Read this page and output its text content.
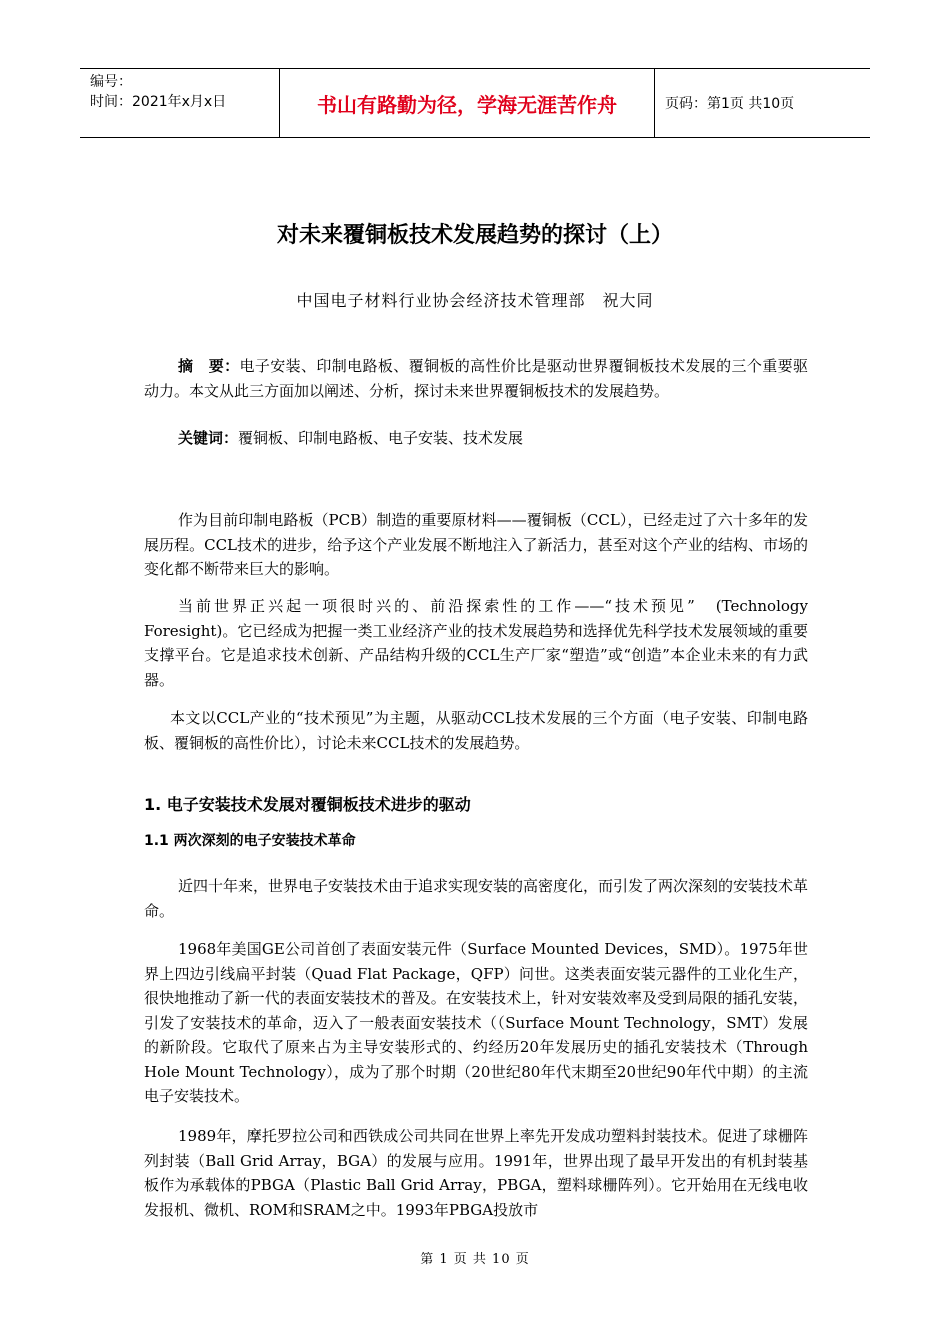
编号：
时间：2021年x月x日	书山有路勤为径，学海无涯苦作舟	页码：第1页 共10页
对未来覆铜板技术发展趋势的探讨（上）
中国电子材料行业协会经济技术管理部　祝大同
摘　要：电子安装、印制电路板、覆铜板的高性价比是驱动世界覆铜板技术发展的三个重要驱动力。本文从此三方面加以阐述、分析，探讨未来世界覆铜板技术的发展趋势。
关键词：覆铜板、印制电路板、电子安装、技术发展
作为目前印制电路板（PCB）制造的重要原材料——覆铜板（CCL），已经走过了六十多年的发展历程。CCL技术的进步，给予这个产业发展不断地注入了新活力，甚至对这个产业的结构、市场的变化都不断带来巨大的影响。
当前世界正兴起一项很时兴的、前沿探索性的工作——“技术预见”　(Technology Foresight)。它已经成为把握一类工业经济产业的技术发展趋势和选择优先科学技术发展领域的重要支撑平台。它是追求技术创新、产品结构升级的CCL生产厂家“塑造”或“创造”本企业未来的有力武器。
本文以CCL产业的“技术预见”为主题，从驱动CCL技术发展的三个方面（电子安装、印制电路板、覆铜板的高性价比），讨论未来CCL技术的发展趋势。
1. 电子安装技术发展对覆铜板技术进步的驱动
1.1 两次深刻的电子安装技术革命
近四十年来，世界电子安装技术由于追求实现安装的高密度化，而引发了两次深刻的安装技术革命。
1968年美国GE公司首创了表面安装元件（Surface Mounted Devices，SMD）。1975年世界上四边引线扁平封装（Quad Flat Package，QFP）问世。这类表面安装元器件的工业化生产，很快地推动了新一代的表面安装技术的普及。在安装技术上，针对安装效率及受到局限的插孔安装，引发了安装技术的革命，迈入了一般表面安装技术（（Surface Mount Technology，SMT）发展的新阶段。它取代了原来占为主导安装形式的、约经历20年发展历史的插孔安装技术（Through Hole Mount Technology），成为了那个时期（20世纪80年代末期至20世纪90年代中期）的主流电子安装技术。
1989年，摩托罗拉公司和西铁成公司共同在世界上率先开发成功塑料封装技术。促进了球栅阵列封装（Ball Grid Array，BGA）的发展与应用。1991年，世界出现了最早开发出的有机封装基板作为承载体的PBGA（Plastic Ball Grid Array，PBGA，塑料球栅阵列）。它开始用在无线电收发报机、微机、ROM和SRAM之中。1993年PBGA投放市
第 1 页 共 10 页
